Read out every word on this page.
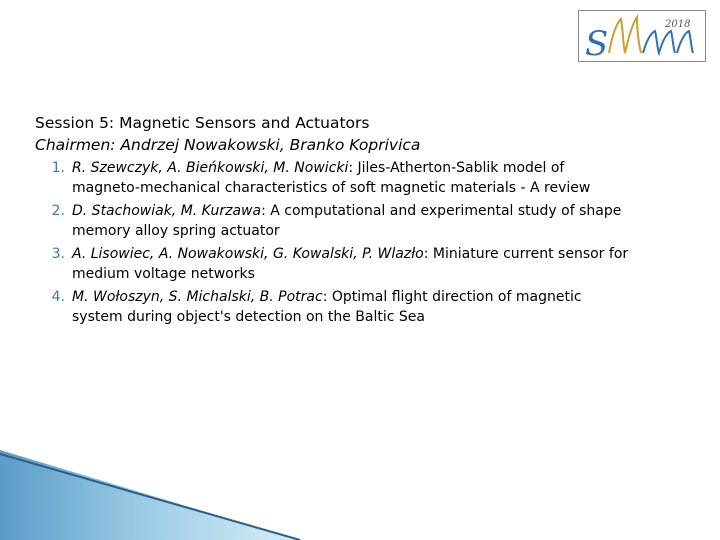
S	2018

Session 5: Magnetic Sensors and Actuators

Chairmen: Andrzej Nowakowski, Branko Koprivica

1. R. Szewczyk, A. Bieńkowski, M. Nowicki: Jiles-Atherton-Sablik model of magneto-mechanical characteristics of soft magnetic materials - A review
2. D. Stachowiak, M. Kurzawa: A computational and experimental study of shape memory alloy spring actuator
3. A. Lisowiec, A. Nowakowski, G. Kowalski, P. Wlazło: Miniature current sensor for medium voltage networks
4. M. Wołoszyn, S. Michalski, B. Potrac: Optimal flight direction of magnetic system during object's detection on the Baltic Sea
